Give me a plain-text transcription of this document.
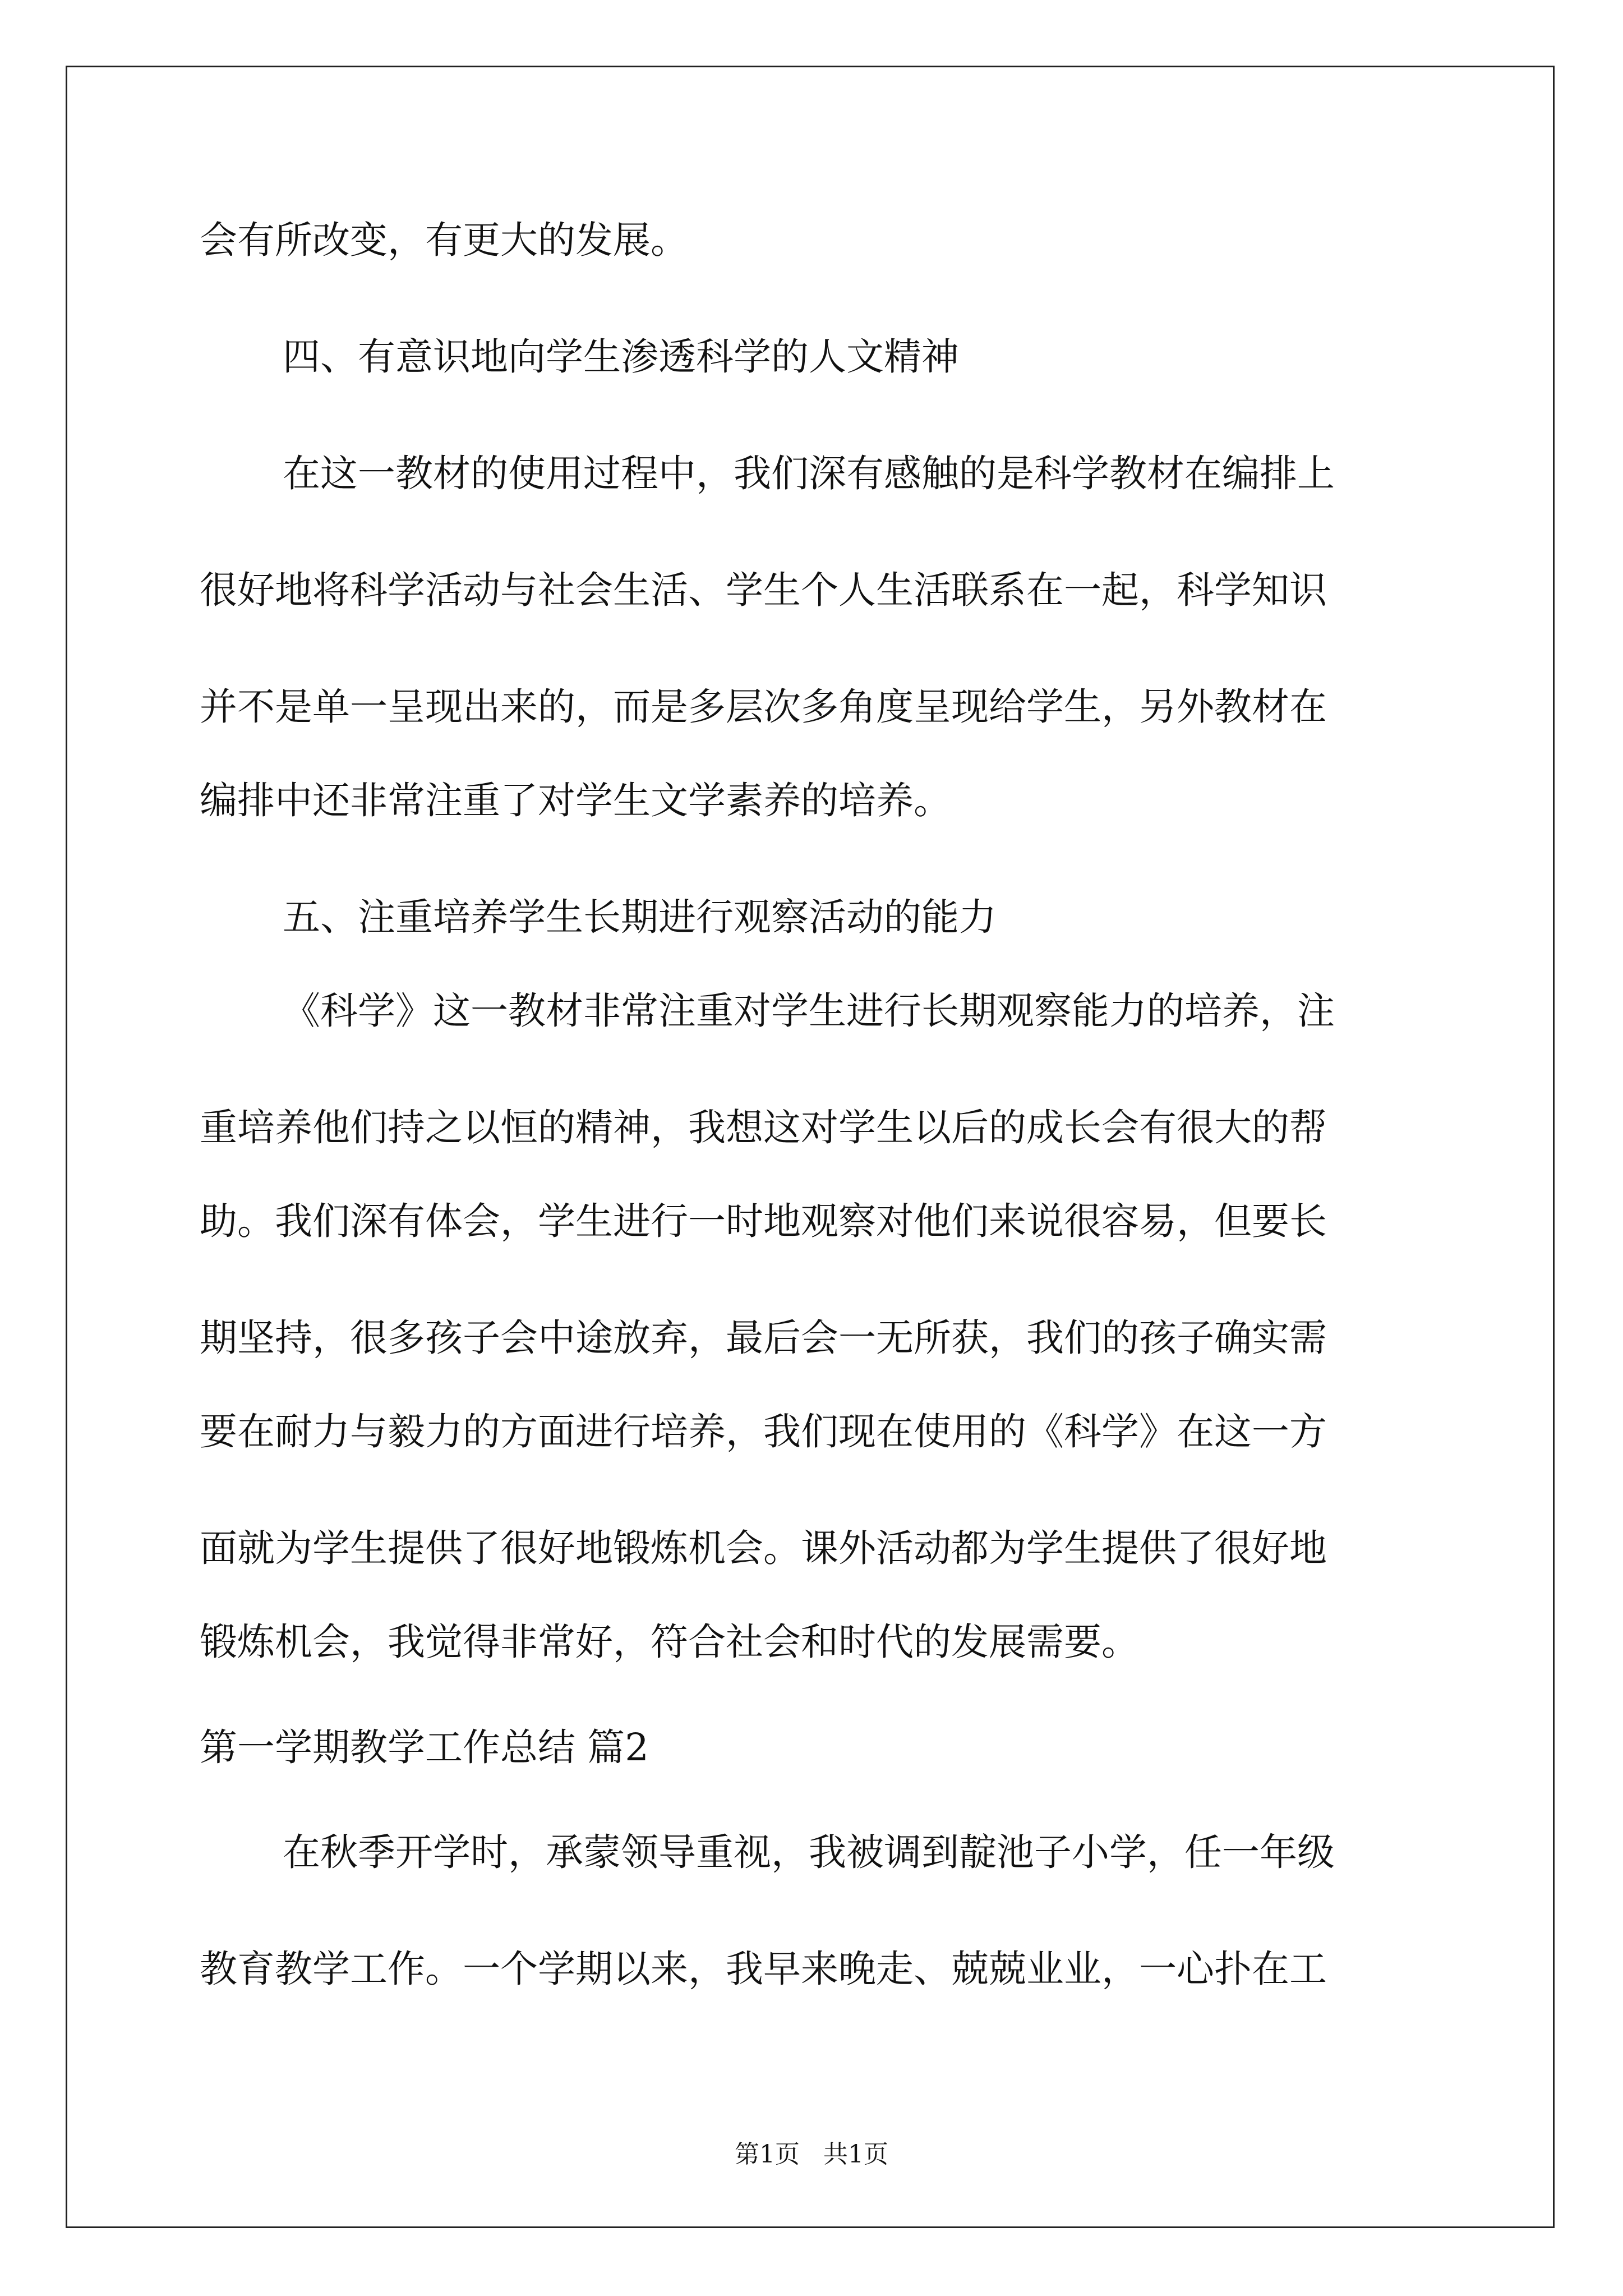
会有所改变，有更大的发展。
四、有意识地向学生渗透科学的人文精神
在这一教材的使用过程中，我们深有感触的是科学教材在编排上
很好地将科学活动与社会生活、学生个人生活联系在一起，科学知识
并不是单一呈现出来的，而是多层次多角度呈现给学生，另外教材在
编排中还非常注重了对学生文学素养的培养。
五、注重培养学生长期进行观察活动的能力
《科学》这一教材非常注重对学生进行长期观察能力的培养，注
重培养他们持之以恒的精神，我想这对学生以后的成长会有很大的帮
助。我们深有体会，学生进行一时地观察对他们来说很容易，但要长
期坚持，很多孩子会中途放弃，最后会一无所获，我们的孩子确实需
要在耐力与毅力的方面进行培养，我们现在使用的《科学》在这一方
面就为学生提供了很好地锻炼机会。课外活动都为学生提供了很好地
锻炼机会，我觉得非常好，符合社会和时代的发展需要。
第一学期教学工作总结 篇2
在秋季开学时，承蒙领导重视，我被调到靛池子小学，任一年级
教育教学工作。一个学期以来，我早来晚走、兢兢业业，一心扑在工
第1页   共1页
